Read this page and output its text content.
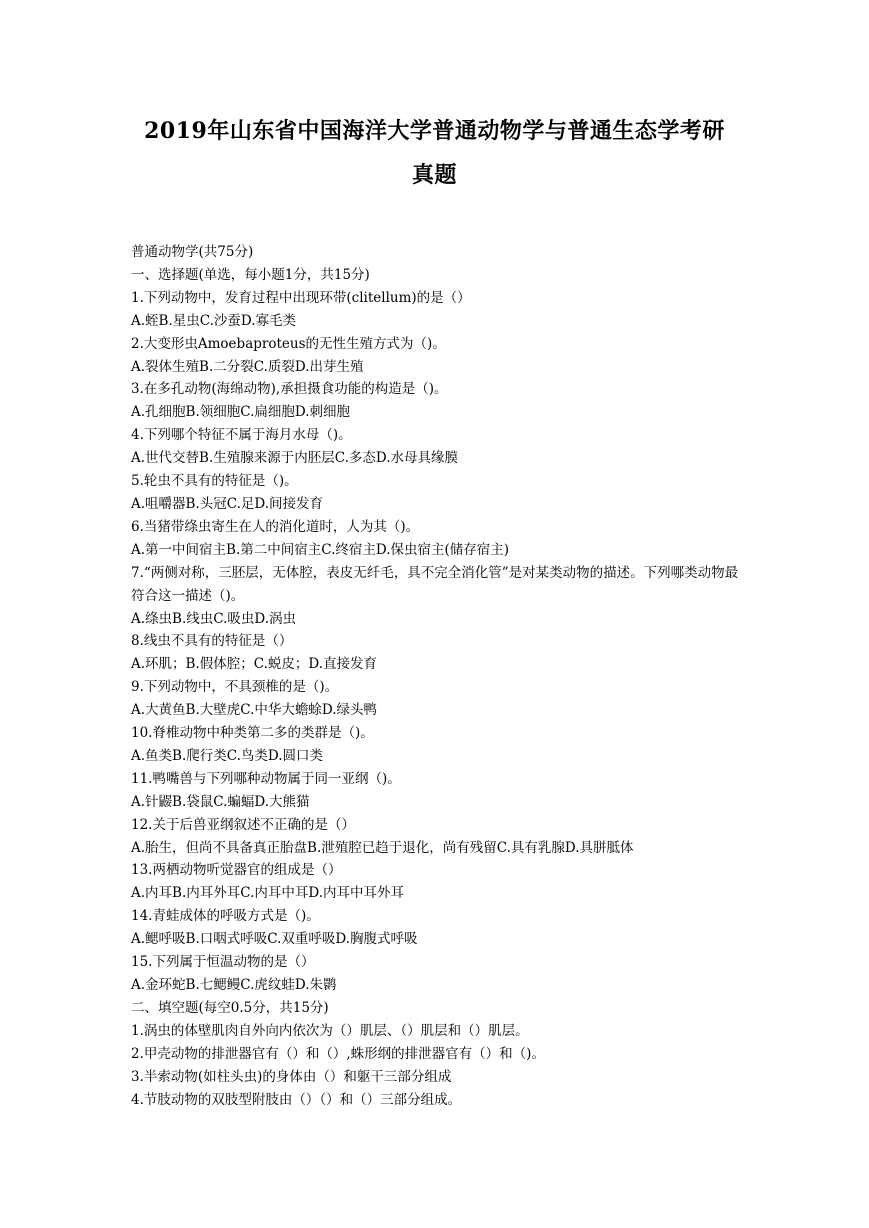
2019年山东省中国海洋大学普通动物学与普通生态学考研
真题
普通动物学(共75分)
一、选择题(单选，每小题1分，共15分)
1.下列动物中，发育过程中出现环带(clitellum)的是（）
A.蛭B.星虫C.沙蚕D.寡毛类
2.大变形虫Amoebaproteus的无性生殖方式为（)。
A.裂体生殖B.二分裂C.质裂D.出芽生殖
3.在多孔动物(海绵动物),承担摄食功能的构造是（)。
A.孔细胞B.领细胞C.扁细胞D.刺细胞
4.下列哪个特征不属于海月水母（)。
A.世代交替B.生殖腺来源于内胚层C.多态D.水母具缘膜
5.轮虫不具有的特征是（)。
A.咀嚼器B.头冠C.足D.间接发育
6.当猪带绦虫寄生在人的消化道时，人为其（)。
A.第一中间宿主B.第二中间宿主C.终宿主D.保虫宿主(储存宿主)
7.“两侧对称，三胚层，无体腔，表皮无纤毛，具不完全消化管”是对某类动物的描述。下列哪类动物最符合这一描述（)。
A.绦虫B.线虫C.吸虫D.涡虫
8.线虫不具有的特征是（）
A.环肌；B.假体腔；C.蜕皮；D.直接发育
9.下列动物中，不具颈椎的是（)。
A.大黄鱼B.大壁虎C.中华大蟾蜍D.绿头鸭
10.脊椎动物中种类第二多的类群是（)。
A.鱼类B.爬行类C.鸟类D.圆口类
11.鸭嘴兽与下列哪种动物属于同一亚纲（)。
A.针鼹B.袋鼠C.蝙蝠D.大熊猫
12.关于后兽亚纲叙述不正确的是（）
A.胎生，但尚不具备真正胎盘B.泄殖腔已趋于退化，尚有残留C.具有乳腺D.具胼胝体
13.两栖动物听觉器官的组成是（）
A.内耳B.内耳外耳C.内耳中耳D.内耳中耳外耳
14.青蛙成体的呼吸方式是（)。
A.鳃呼吸B.口咽式呼吸C.双重呼吸D.胸腹式呼吸
15.下列属于恒温动物的是（）
A.金环蛇B.七鳃鳗C.虎纹蛙D.朱鹮
二、填空题(每空0.5分，共15分)
1.涡虫的体壁肌肉自外向内依次为（）肌层、（）肌层和（）肌层。
2.甲壳动物的排泄器官有（）和（）,蛛形纲的排泄器官有（）和（)。
3.半索动物(如柱头虫)的身体由（）和躯干三部分组成
4.节肢动物的双肢型附肢由（）（）和（）三部分组成。
